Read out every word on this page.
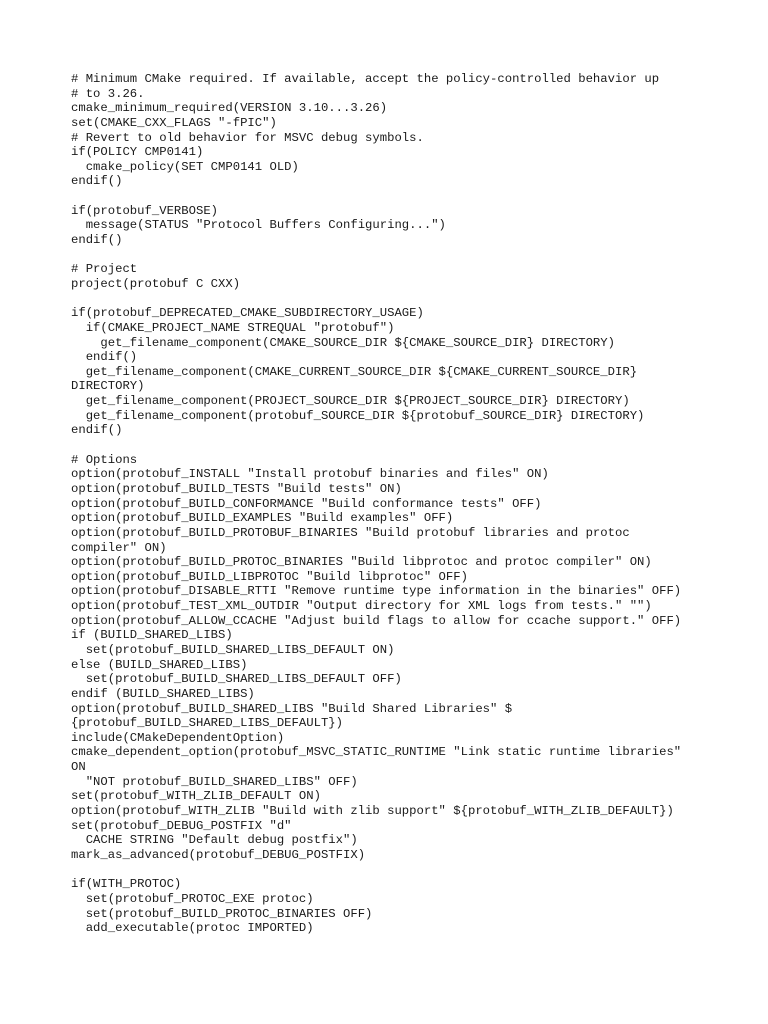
# Minimum CMake required. If available, accept the policy-controlled behavior up
# to 3.26.
cmake_minimum_required(VERSION 3.10...3.26)
set(CMAKE_CXX_FLAGS "-fPIC")
# Revert to old behavior for MSVC debug symbols.
if(POLICY CMP0141)
cmake_policy(SET CMP0141 OLD)
endif()
if(protobuf_VERBOSE)
message(STATUS "Protocol Buffers Configuring...")
endif()
# Project
project(protobuf C CXX)
if(protobuf_DEPRECATED_CMAKE_SUBDIRECTORY_USAGE)
if(CMAKE_PROJECT_NAME STREQUAL "protobuf")
get_filename_component(CMAKE_SOURCE_DIR ${CMAKE_SOURCE_DIR} DIRECTORY)
endif()
get_filename_component(CMAKE_CURRENT_SOURCE_DIR ${CMAKE_CURRENT_SOURCE_DIR}
DIRECTORY)
get_filename_component(PROJECT_SOURCE_DIR ${PROJECT_SOURCE_DIR} DIRECTORY)
get_filename_component(protobuf_SOURCE_DIR ${protobuf_SOURCE_DIR} DIRECTORY)
endif()
# Options
option(protobuf_INSTALL "Install protobuf binaries and files" ON)
option(protobuf_BUILD_TESTS "Build tests" ON)
option(protobuf_BUILD_CONFORMANCE "Build conformance tests" OFF)
option(protobuf_BUILD_EXAMPLES "Build examples" OFF)
option(protobuf_BUILD_PROTOBUF_BINARIES "Build protobuf libraries and protoc
compiler" ON)
option(protobuf_BUILD_PROTOC_BINARIES "Build libprotoc and protoc compiler" ON)
option(protobuf_BUILD_LIBPROTOC "Build libprotoc" OFF)
option(protobuf_DISABLE_RTTI "Remove runtime type information in the binaries" OFF)
option(protobuf_TEST_XML_OUTDIR "Output directory for XML logs from tests." "")
option(protobuf_ALLOW_CCACHE "Adjust build flags to allow for ccache support." OFF)
if (BUILD_SHARED_LIBS)
set(protobuf_BUILD_SHARED_LIBS_DEFAULT ON)
else (BUILD_SHARED_LIBS)
set(protobuf_BUILD_SHARED_LIBS_DEFAULT OFF)
endif (BUILD_SHARED_LIBS)
option(protobuf_BUILD_SHARED_LIBS "Build Shared Libraries" $
{protobuf_BUILD_SHARED_LIBS_DEFAULT})
include(CMakeDependentOption)
cmake_dependent_option(protobuf_MSVC_STATIC_RUNTIME "Link static runtime libraries"
ON
"NOT protobuf_BUILD_SHARED_LIBS" OFF)
set(protobuf_WITH_ZLIB_DEFAULT ON)
option(protobuf_WITH_ZLIB "Build with zlib support" ${protobuf_WITH_ZLIB_DEFAULT})
set(protobuf_DEBUG_POSTFIX "d"
CACHE STRING "Default debug postfix")
mark_as_advanced(protobuf_DEBUG_POSTFIX)
if(WITH_PROTOC)
set(protobuf_PROTOC_EXE protoc)
set(protobuf_BUILD_PROTOC_BINARIES OFF)
add_executable(protoc IMPORTED)
